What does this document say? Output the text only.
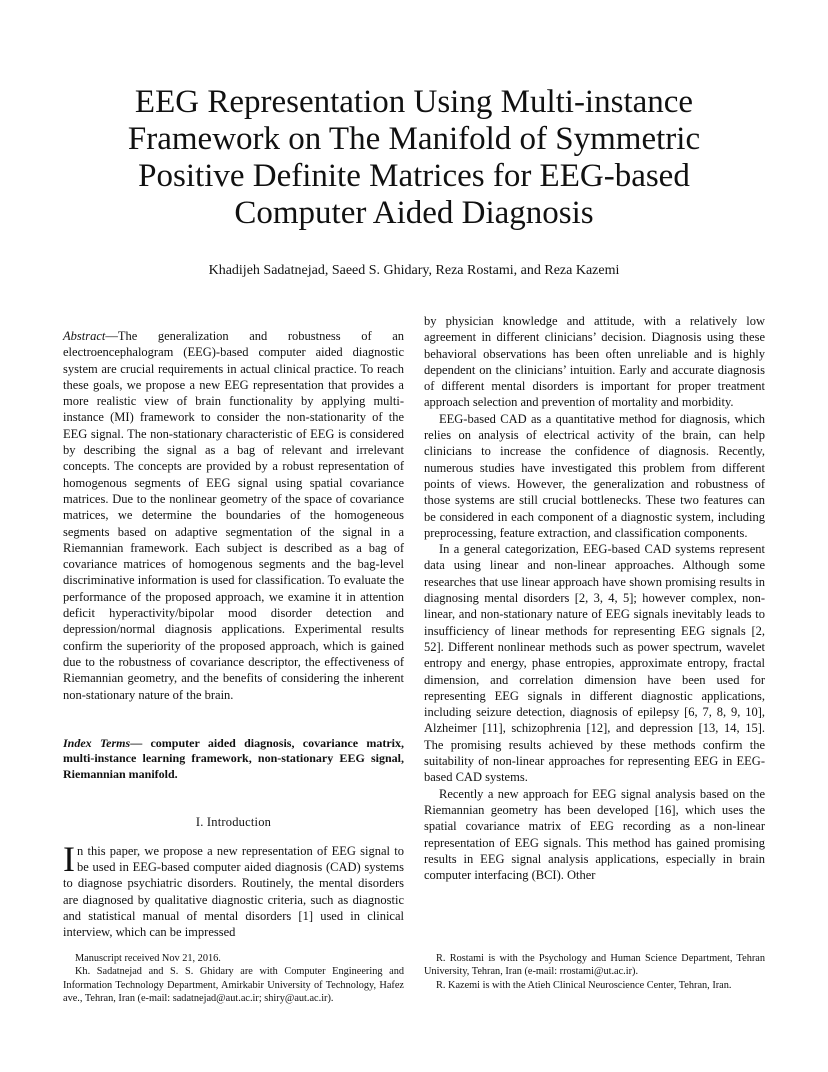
EEG Representation Using Multi-instance
Framework on The Manifold of Symmetric
Positive Definite Matrices for EEG-based
Computer Aided Diagnosis
Khadijeh Sadatnejad, Saeed S. Ghidary, Reza Rostami, and Reza Kazemi

Abstract—The generalization and robustness of an electroencephalogram (EEG)-based computer aided diagnostic system are crucial requirements in actual clinical practice. To reach these goals, we propose a new EEG representation that provides a more realistic view of brain functionality by applying multi-instance (MI) framework to consider the non-stationarity of the EEG signal. The non-stationary characteristic of EEG is considered by describing the signal as a bag of relevant and irrelevant concepts. The concepts are provided by a robust representation of homogenous segments of EEG signal using spatial covariance matrices. Due to the nonlinear geometry of the space of covariance matrices, we determine the boundaries of the homogeneous segments based on adaptive segmentation of the signal in a Riemannian framework. Each subject is described as a bag of covariance matrices of homogenous segments and the bag-level discriminative information is used for classification. To evaluate the performance of the proposed approach, we examine it in attention deficit hyperactivity/bipolar mood disorder detection and depression/normal diagnosis applications. Experimental results confirm the superiority of the proposed approach, which is gained due to the robustness of covariance descriptor, the effectiveness of Riemannian geometry, and the benefits of considering the inherent non-stationary nature of the brain.

Index Terms— computer aided diagnosis, covariance matrix, multi-instance learning framework, non-stationary EEG signal, Riemannian manifold.

I. Introduction

In this paper, we propose a new representation of EEG signal to be used in EEG-based computer aided diagnosis (CAD) systems to diagnose psychiatric disorders. Routinely, the mental disorders are diagnosed by qualitative diagnostic criteria, such as diagnostic and statistical manual of mental disorders [1] used in clinical interview, which can be impressed

by physician knowledge and attitude, with a relatively low agreement in different clinicians’ decision. Diagnosis using these behavioral observations has been often unreliable and is highly dependent on the clinicians’ intuition. Early and accurate diagnosis of different mental disorders is important for proper treatment approach selection and prevention of mortality and morbidity.

EEG-based CAD as a quantitative method for diagnosis, which relies on analysis of electrical activity of the brain, can help clinicians to increase the confidence of diagnosis. Recently, numerous studies have investigated this problem from different points of views. However, the generalization and robustness of those systems are still crucial bottlenecks. These two features can be considered in each component of a diagnostic system, including preprocessing, feature extraction, and classification components.

In a general categorization, EEG-based CAD systems represent data using linear and non-linear approaches. Although some researches that use linear approach have shown promising results in diagnosing mental disorders [2, 3, 4, 5]; however complex, non-linear, and non-stationary nature of EEG signals inevitably leads to insufficiency of linear methods for representing EEG signals [2, 52]. Different nonlinear methods such as power spectrum, wavelet entropy and energy, phase entropies, approximate entropy, fractal dimension, and correlation dimension have been used for representing EEG signals in different diagnostic applications, including seizure detection, diagnosis of epilepsy [6, 7, 8, 9, 10], Alzheimer [11], schizophrenia [12], and depression [13, 14, 15]. The promising results achieved by these methods confirm the suitability of non-linear approaches for representing EEG in EEG-based CAD systems.

Recently a new approach for EEG signal analysis based on the Riemannian geometry has been developed [16], which uses the spatial covariance matrix of EEG recording as a non-linear representation of EEG signals. This method has gained promising results in EEG signal analysis applications, especially in brain computer interfacing (BCI). Other

Manuscript received Nov 21, 2016.

Kh. Sadatnejad and S. S. Ghidary are with Computer Engineering and Information Technology Department, Amirkabir University of Technology, Hafez ave., Tehran, Iran (e-mail: sadatnejad@aut.ac.ir; shiry@aut.ac.ir).

R. Rostami is with the Psychology and Human Science Department, Tehran University, Tehran, Iran (e-mail: rrostami@ut.ac.ir).

R. Kazemi is with the Atieh Clinical Neuroscience Center, Tehran, Iran.
